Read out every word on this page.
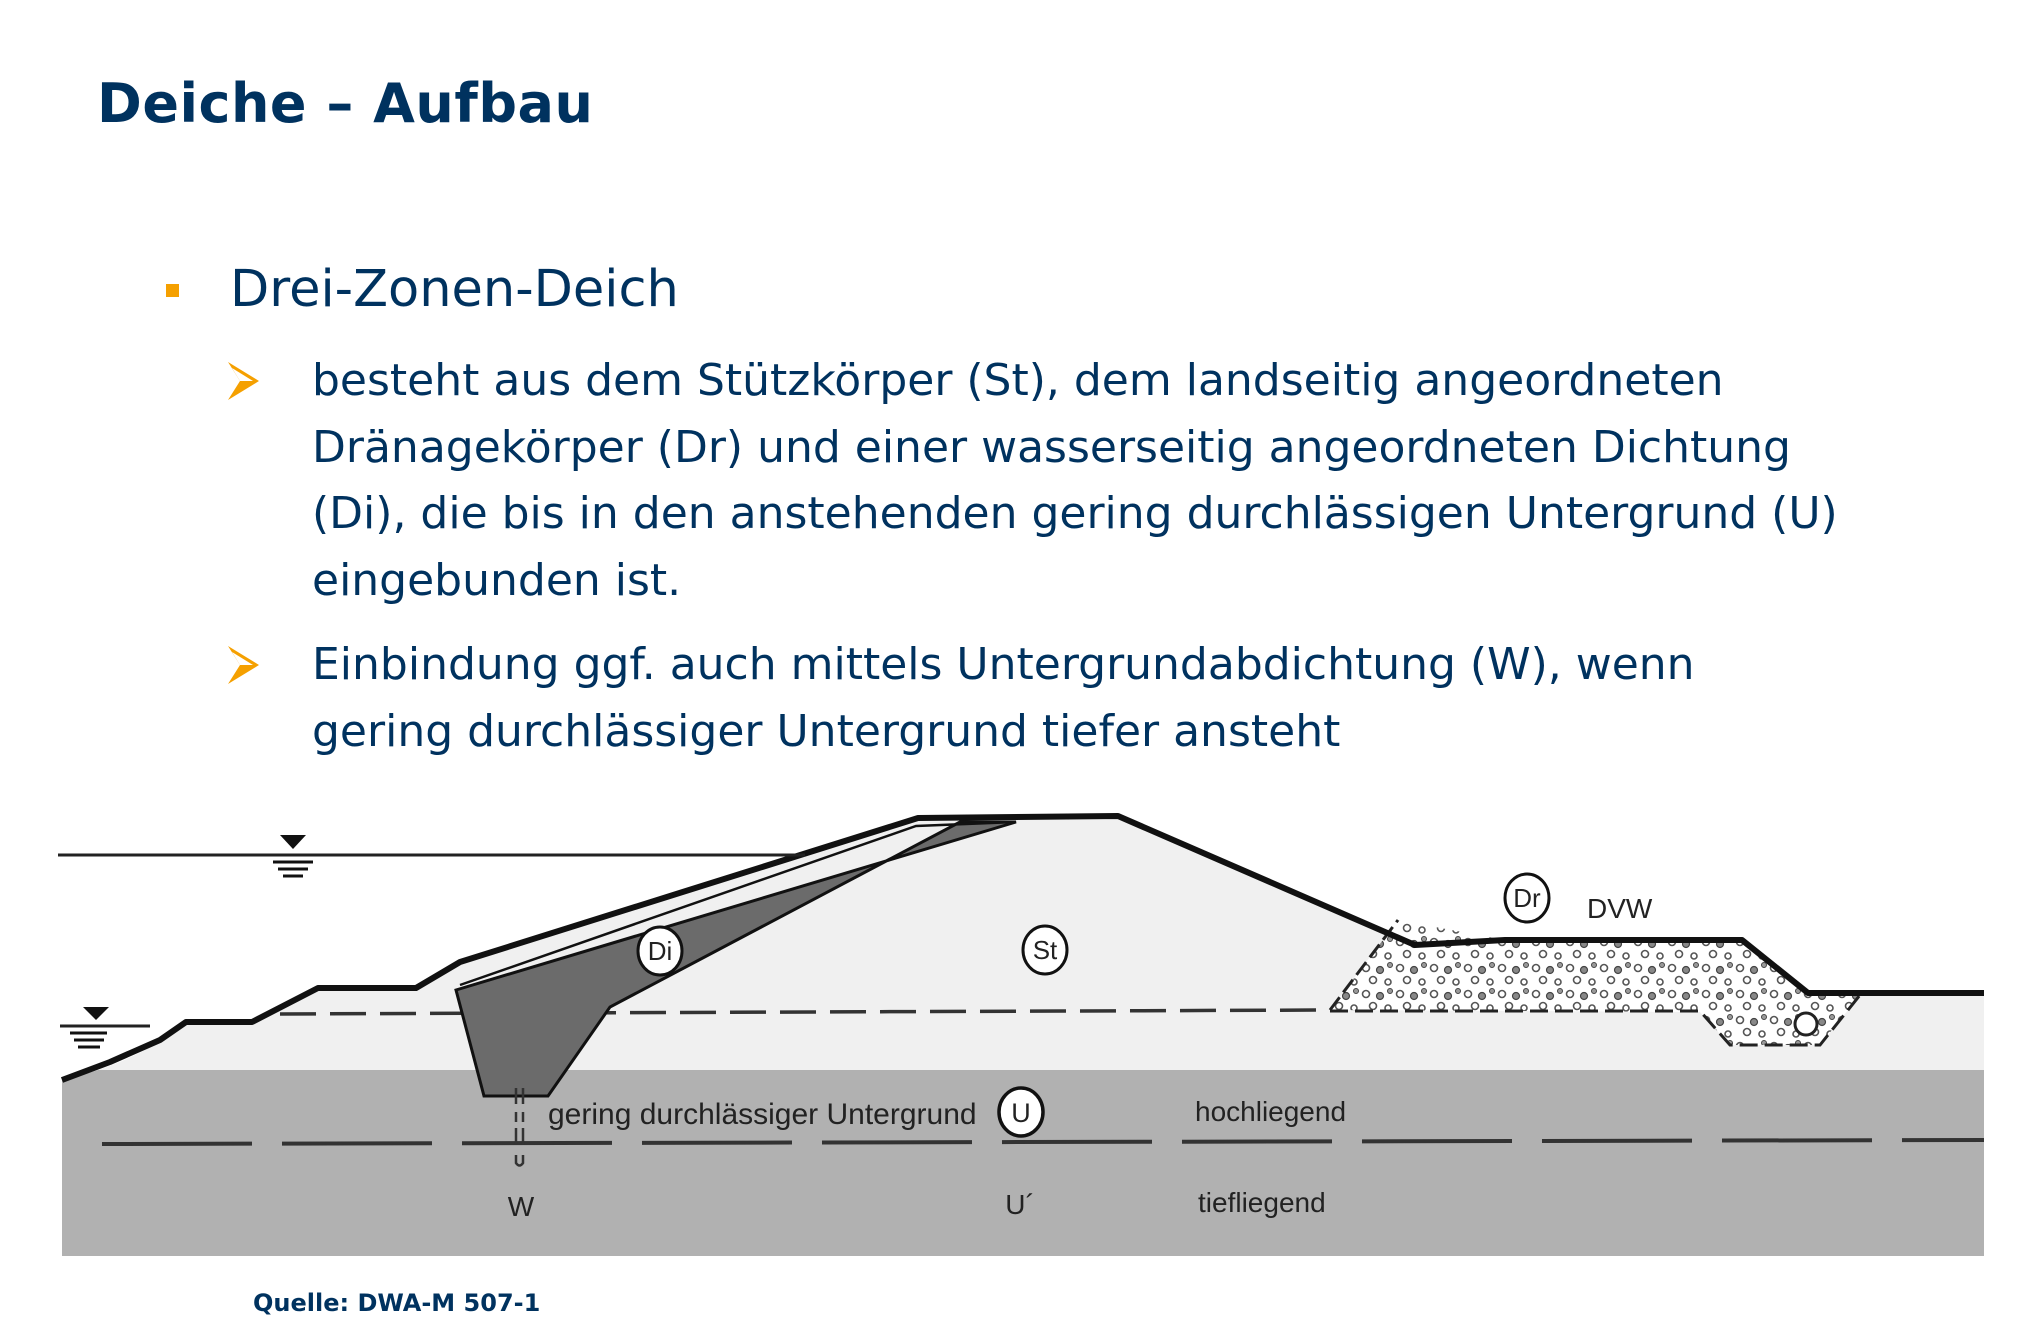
Deiche – Aufbau
Drei-Zonen-Deich
besteht aus dem Stützkörper (St), dem landseitig angeordneten
Dränagekörper (Dr) und einer wasserseitig angeordneten Dichtung
(Di), die bis in den anstehenden gering durchlässigen Untergrund (U)
eingebunden ist.
Einbindung ggf. auch mittels Untergrundabdichtung (W), wenn
gering durchlässiger Untergrund tiefer ansteht
Di	St
Dr DVW
U
gering durchlässiger Untergrund	hochliegend
tiefliegend
W	U´
Quelle: DWA-M 507-1
